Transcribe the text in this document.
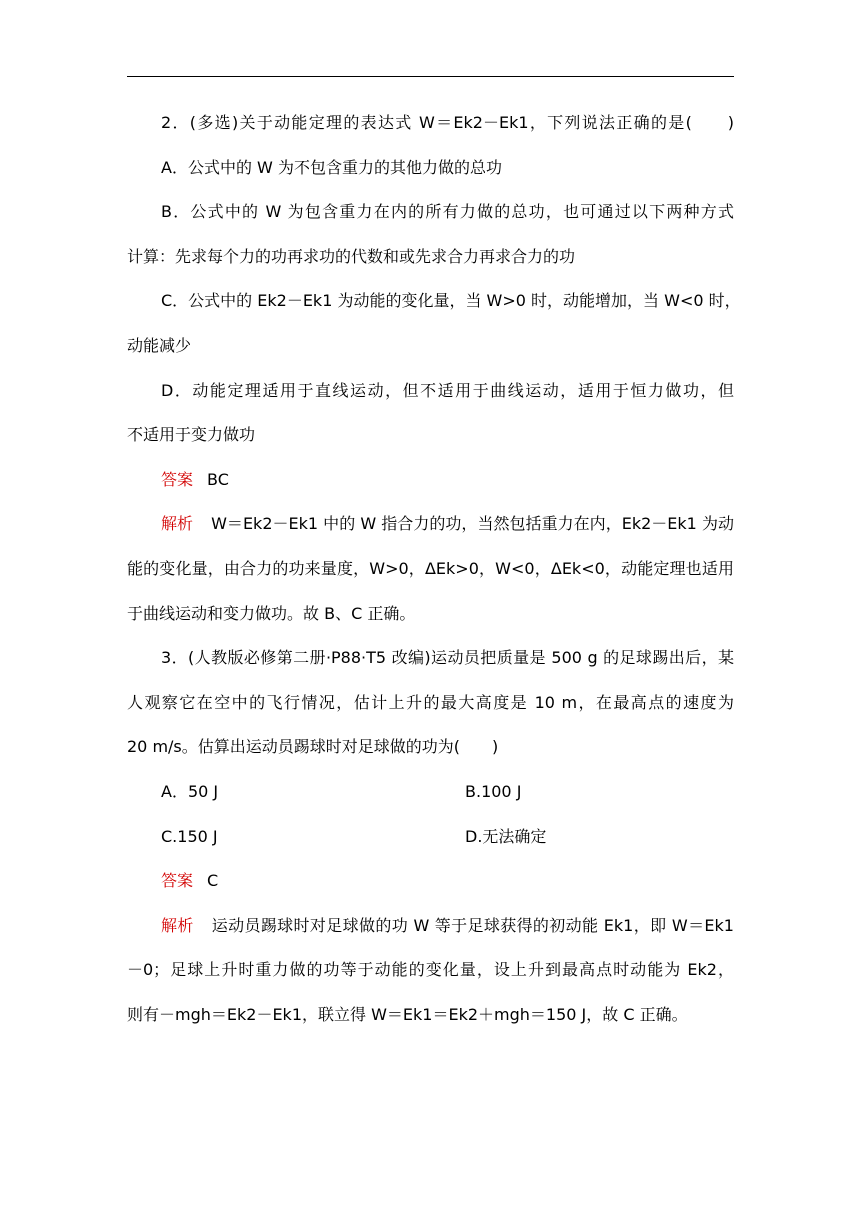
2．(多选)关于动能定理的表达式 W＝Ek2－Ek1，下列说法正确的是(　　)
A．公式中的 W 为不包含重力的其他力做的总功
B．公式中的 W 为包含重力在内的所有力做的总功，也可通过以下两种方式
计算：先求每个力的功再求功的代数和或先求合力再求合力的功
C．公式中的 Ek2－Ek1 为动能的变化量，当 W>0 时，动能增加，当 W<0 时，
动能减少
D．动能定理适用于直线运动，但不适用于曲线运动，适用于恒力做功，但
不适用于变力做功
答案 BC
解析 W＝Ek2－Ek1 中的 W 指合力的功，当然包括重力在内，Ek2－Ek1 为动
能的变化量，由合力的功来量度，W>0，ΔEk>0，W<0，ΔEk<0，动能定理也适用
于曲线运动和变力做功。故 B、C 正确。
3．(人教版必修第二册·P88·T5 改编)运动员把质量是 500 g 的足球踢出后，某
人观察它在空中的飞行情况，估计上升的最大高度是 10 m，在最高点的速度为
20 m/s。估算出运动员踢球时对足球做的功为(　　)
A．50 J	B.100 J
C.150 J	D.无法确定
答案 C
解析 运动员踢球时对足球做的功 W 等于足球获得的初动能 Ek1，即 W＝Ek1
－0；足球上升时重力做的功等于动能的变化量，设上升到最高点时动能为 Ek2，
则有－mgh＝Ek2－Ek1，联立得 W＝Ek1＝Ek2＋mgh＝150 J，故 C 正确。
